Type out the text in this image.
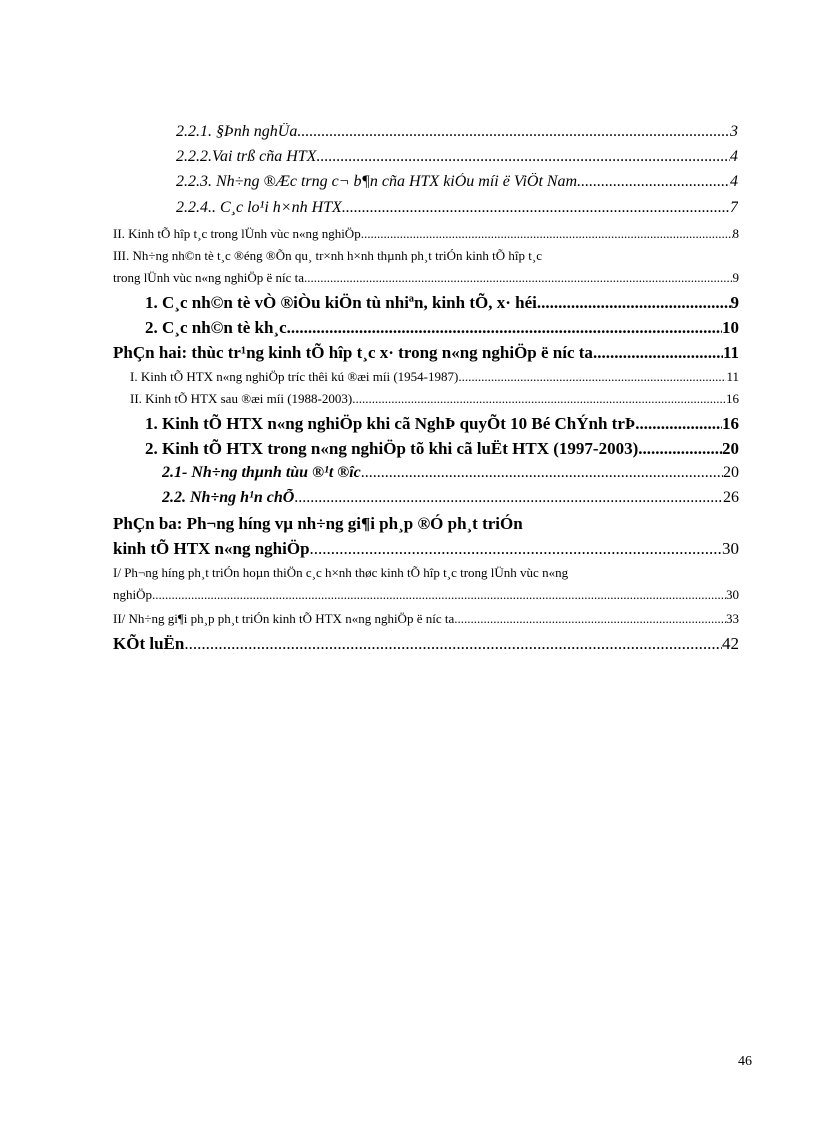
2.2.1. §Þnh nghÜa .....	3
2.2.2.Vai trß cña HTX .....	4
2.2.3. Nh÷ng ®Æc trng c¬ b¶n cña HTX kiÓu míi ë ViÖt Nam .....	4
2.2.4.. C¸c lo¹i h×nh HTX .....	7
II. Kinh tÕ hîp t¸c trong lÜnh vùc n«ng nghiÖp .....	8
III. Nh÷ng nh©n tè t¸c ®éng ®Õn qu¸ tr×nh h×nh thµnh ph¸t triÓn kinh tÕ hîp t¸c
trong lÜnh vùc n«ng nghiÖp ë níc ta .....	9
1. C¸c nh©n tè vÒ ®iÒu kiÖn tù nhiªn, kinh tÕ, x· héi .....	9
2. C¸c nh©n tè kh¸c .....	10
PhÇn hai: thùc tr¹ng kinh tÕ hîp t¸c x· trong n«ng nghiÖp ë níc ta .....	11
I. Kinh tÕ HTX n«ng nghiÖp tríc thêi kú ®æi míi (1954-1987) .....	11
II. Kinh tÕ HTX sau ®æi míi (1988-2003) .....	16
1. Kinh tÕ HTX n«ng nghiÖp khi cã NghÞ quyÕt 10 Bé ChÝnh trÞ .....	16
2. Kinh tÕ HTX trong n«ng nghiÖp tõ khi cã luËt HTX (1997-2003) .....	20
2.1- Nh÷ng thµnh tùu ®¹t ®îc .....	20
2.2. Nh÷ng h¹n chÕ .....	26
PhÇn ba: Ph¬ng híng vµ nh÷ng gi¶i ph¸p ®Ó ph¸t triÓn
kinh tÕ HTX n«ng nghiÖp .....	30
I/ Ph¬ng híng ph¸t triÓn hoµn thiÖn c¸c h×nh thøc kinh tÕ hîp t¸c trong lÜnh vùc n«ng
nghiÖp .....	30
II/ Nh÷ng gi¶i ph¸p ph¸t triÓn kinh tÕ HTX n«ng nghiÖp ë níc ta .....	33
KÕt luËn .....	42
46
